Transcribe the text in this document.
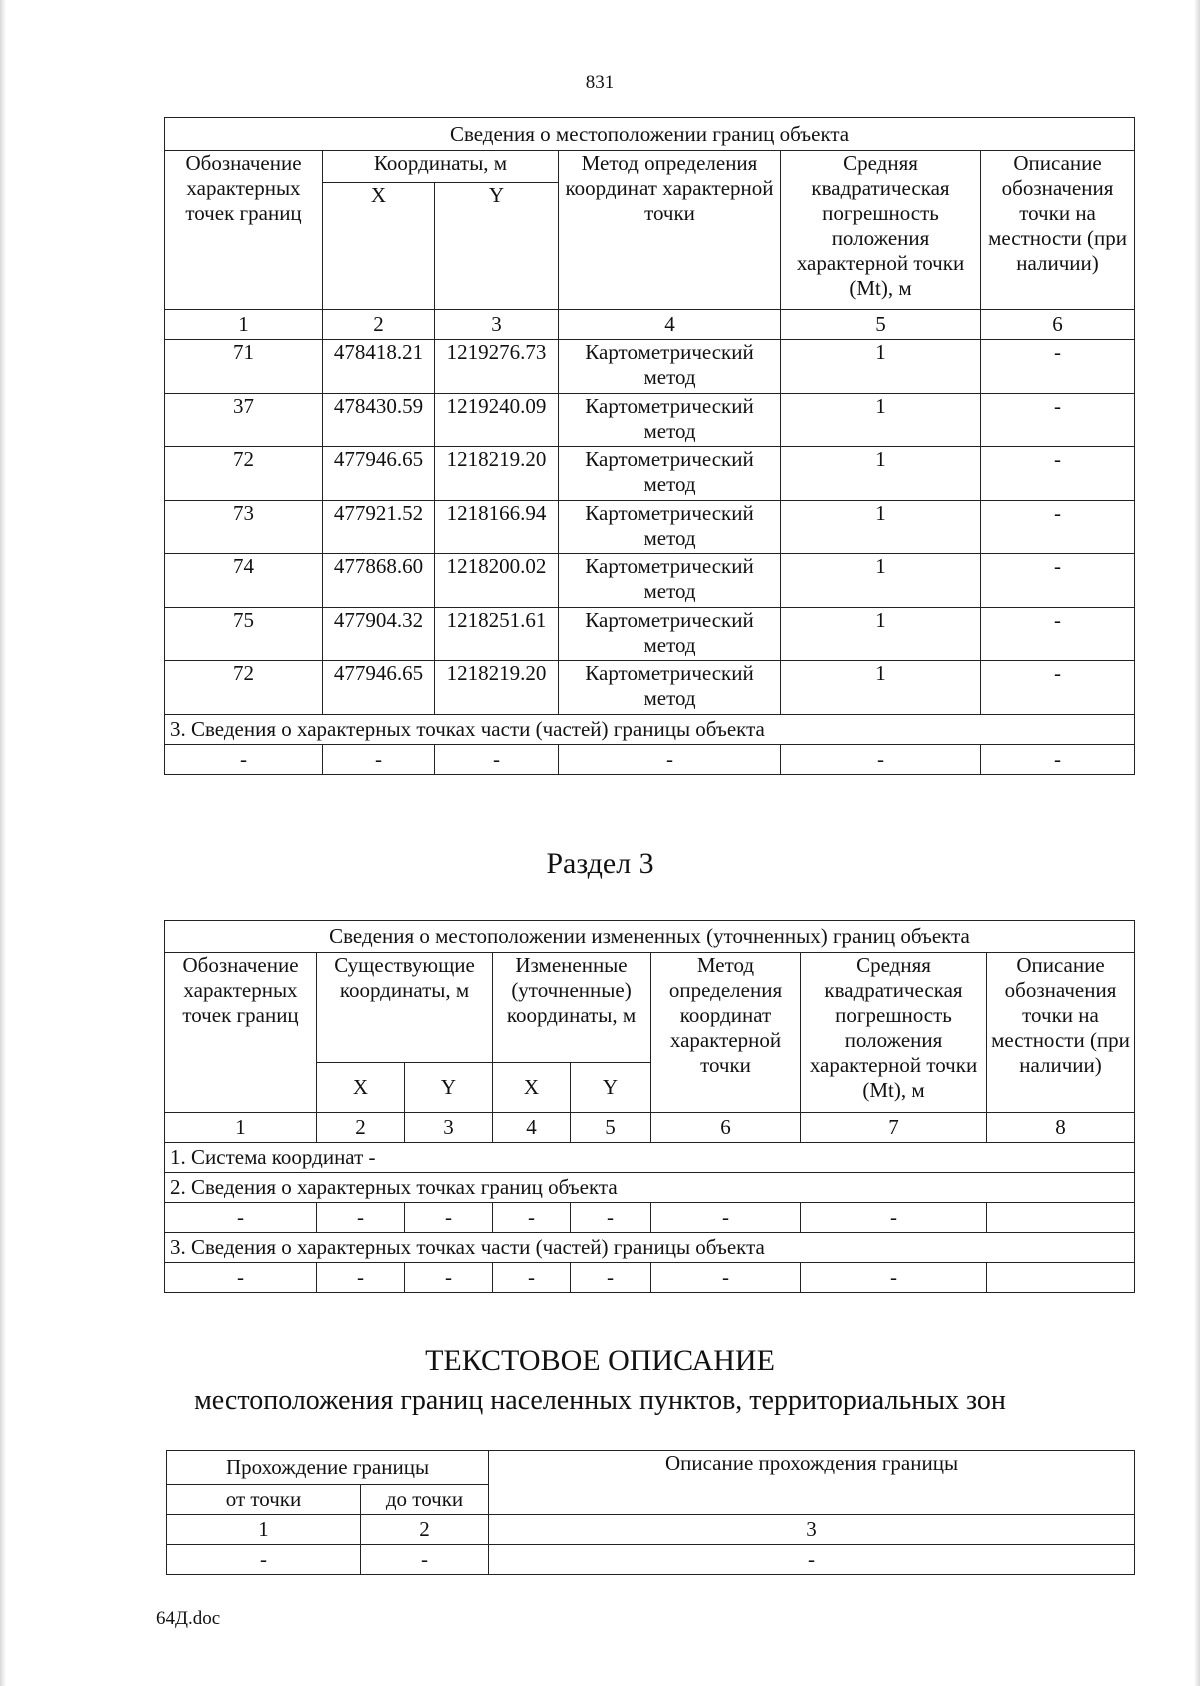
831
Сведения о местоположении границ объекта					
Обозначение характерных точек границ	Координаты, м		Метод определения координат характерной точки	Средняя квадратическая погрешность положения характерной точки (Mt), м	Описание обозначения точки на местности (при наличии)
	X	Y			
1	2	3	4	5	6
71	478418.21	1219276.73	Картометрический метод	1	-
37	478430.59	1219240.09	Картометрический метод	1	-
72	477946.65	1218219.20	Картометрический метод	1	-
73	477921.52	1218166.94	Картометрический метод	1	-
74	477868.60	1218200.02	Картометрический метод	1	-
75	477904.32	1218251.61	Картометрический метод	1	-
72	477946.65	1218219.20	Картометрический метод	1	-
3. Сведения о характерных точках части (частей) границы объекта					
-	-	-	-	-	-
Раздел 3
Сведения о местоположении измененных (уточненных) границ объекта							
Обозначение характерных точек границ	Существующие координаты, м		Измененные (уточненные) координаты, м		Метод определения координат характерной точки	Средняя квадратическая погрешность положения характерной точки (Mt), м	Описание обозначения точки на местности (при наличии)
	X	Y	X	Y			
1	2	3	4	5	6	7	8
1. Система координат -							
2. Сведения о характерных точках границ объекта							
-	-	-	-	-	-	-	
3. Сведения о характерных точках части (частей) границы объекта							
-	-	-	-	-	-	-	
ТЕКСТОВОЕ ОПИСАНИЕ
местоположения границ населенных пунктов, территориальных зон
Прохождение границы		Описание прохождения границы
от точки	до точки	
1	2	3
-	-	-
64Д.doc
